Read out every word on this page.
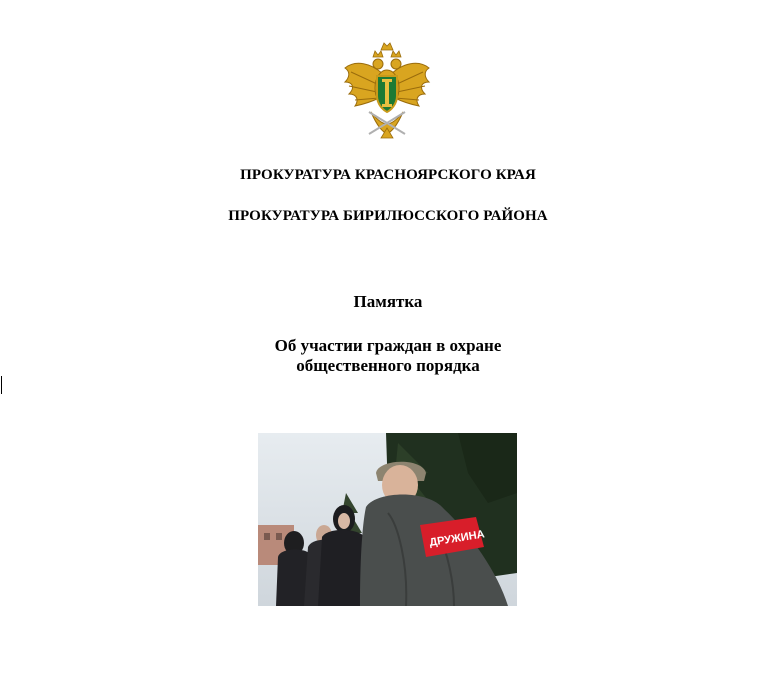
ПРОКУРАТУРА КРАСНОЯРСКОГО КРАЯ
ПРОКУРАТУРА БИРИЛЮССКОГО РАЙОНА
Памятка
Об участии граждан в охране
общественного порядка
ДРУЖИНА
